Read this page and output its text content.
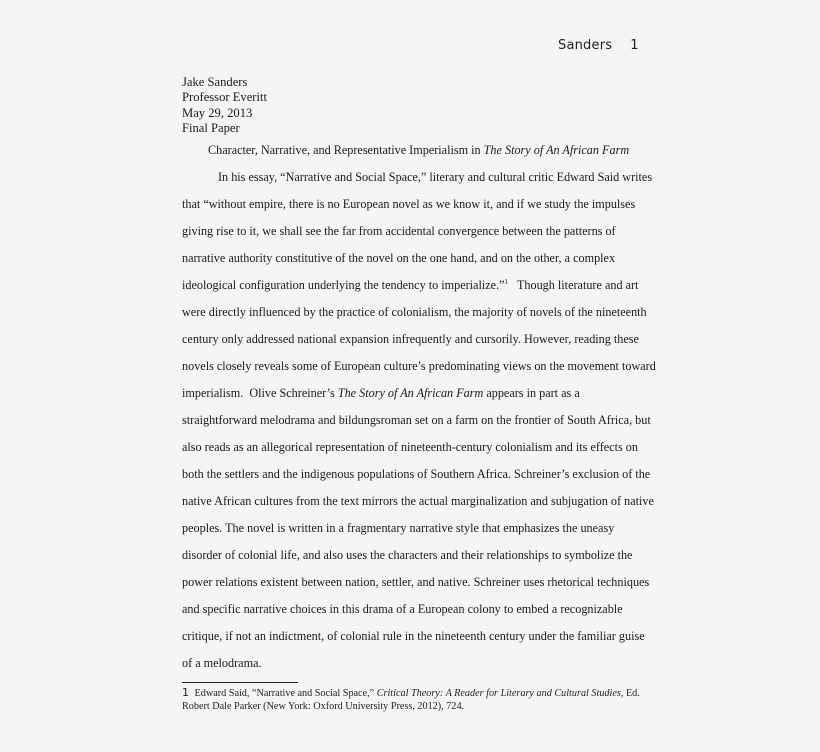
Sanders 1
Jake Sanders
Professor Everitt
May 29, 2013
Final Paper
Character, Narrative, and Representative Imperialism in The Story of An African Farm
In his essay, “Narrative and Social Space,” literary and cultural critic Edward Said writes
that “without empire, there is no European novel as we know it, and if we study the impulses
giving rise to it, we shall see the far from accidental convergence between the patterns of
narrative authority constitutive of the novel on the one hand, and on the other, a complex
ideological configuration underlying the tendency to imperialize.”$^1$   Though literature and art
were directly influenced by the practice of colonialism, the majority of novels of the nineteenth
century only addressed national expansion infrequently and cursorily. However, reading these
novels closely reveals some of European culture’s predominating views on the movement toward
imperialism.  Olive Schreiner’s The Story of An African Farm appears in part as a
straightforward melodrama and bildungsroman set on a farm on the frontier of South Africa, but
also reads as an allegorical representation of nineteenth-century colonialism and its effects on
both the settlers and the indigenous populations of Southern Africa. Schreiner’s exclusion of the
native African cultures from the text mirrors the actual marginalization and subjugation of native
peoples. The novel is written in a fragmentary narrative style that emphasizes the uneasy
disorder of colonial life, and also uses the characters and their relationships to symbolize the
power relations existent between nation, settler, and native. Schreiner uses rhetorical techniques
and specific narrative choices in this drama of a European colony to embed a recognizable
critique, if not an indictment, of colonial rule in the nineteenth century under the familiar guise
of a melodrama.
1 Edward Said, “Narrative and Social Space,” Critical Theory: A Reader for Literary and Cultural Studies, Ed.
Robert Dale Parker (New York: Oxford University Press, 2012), 724.
